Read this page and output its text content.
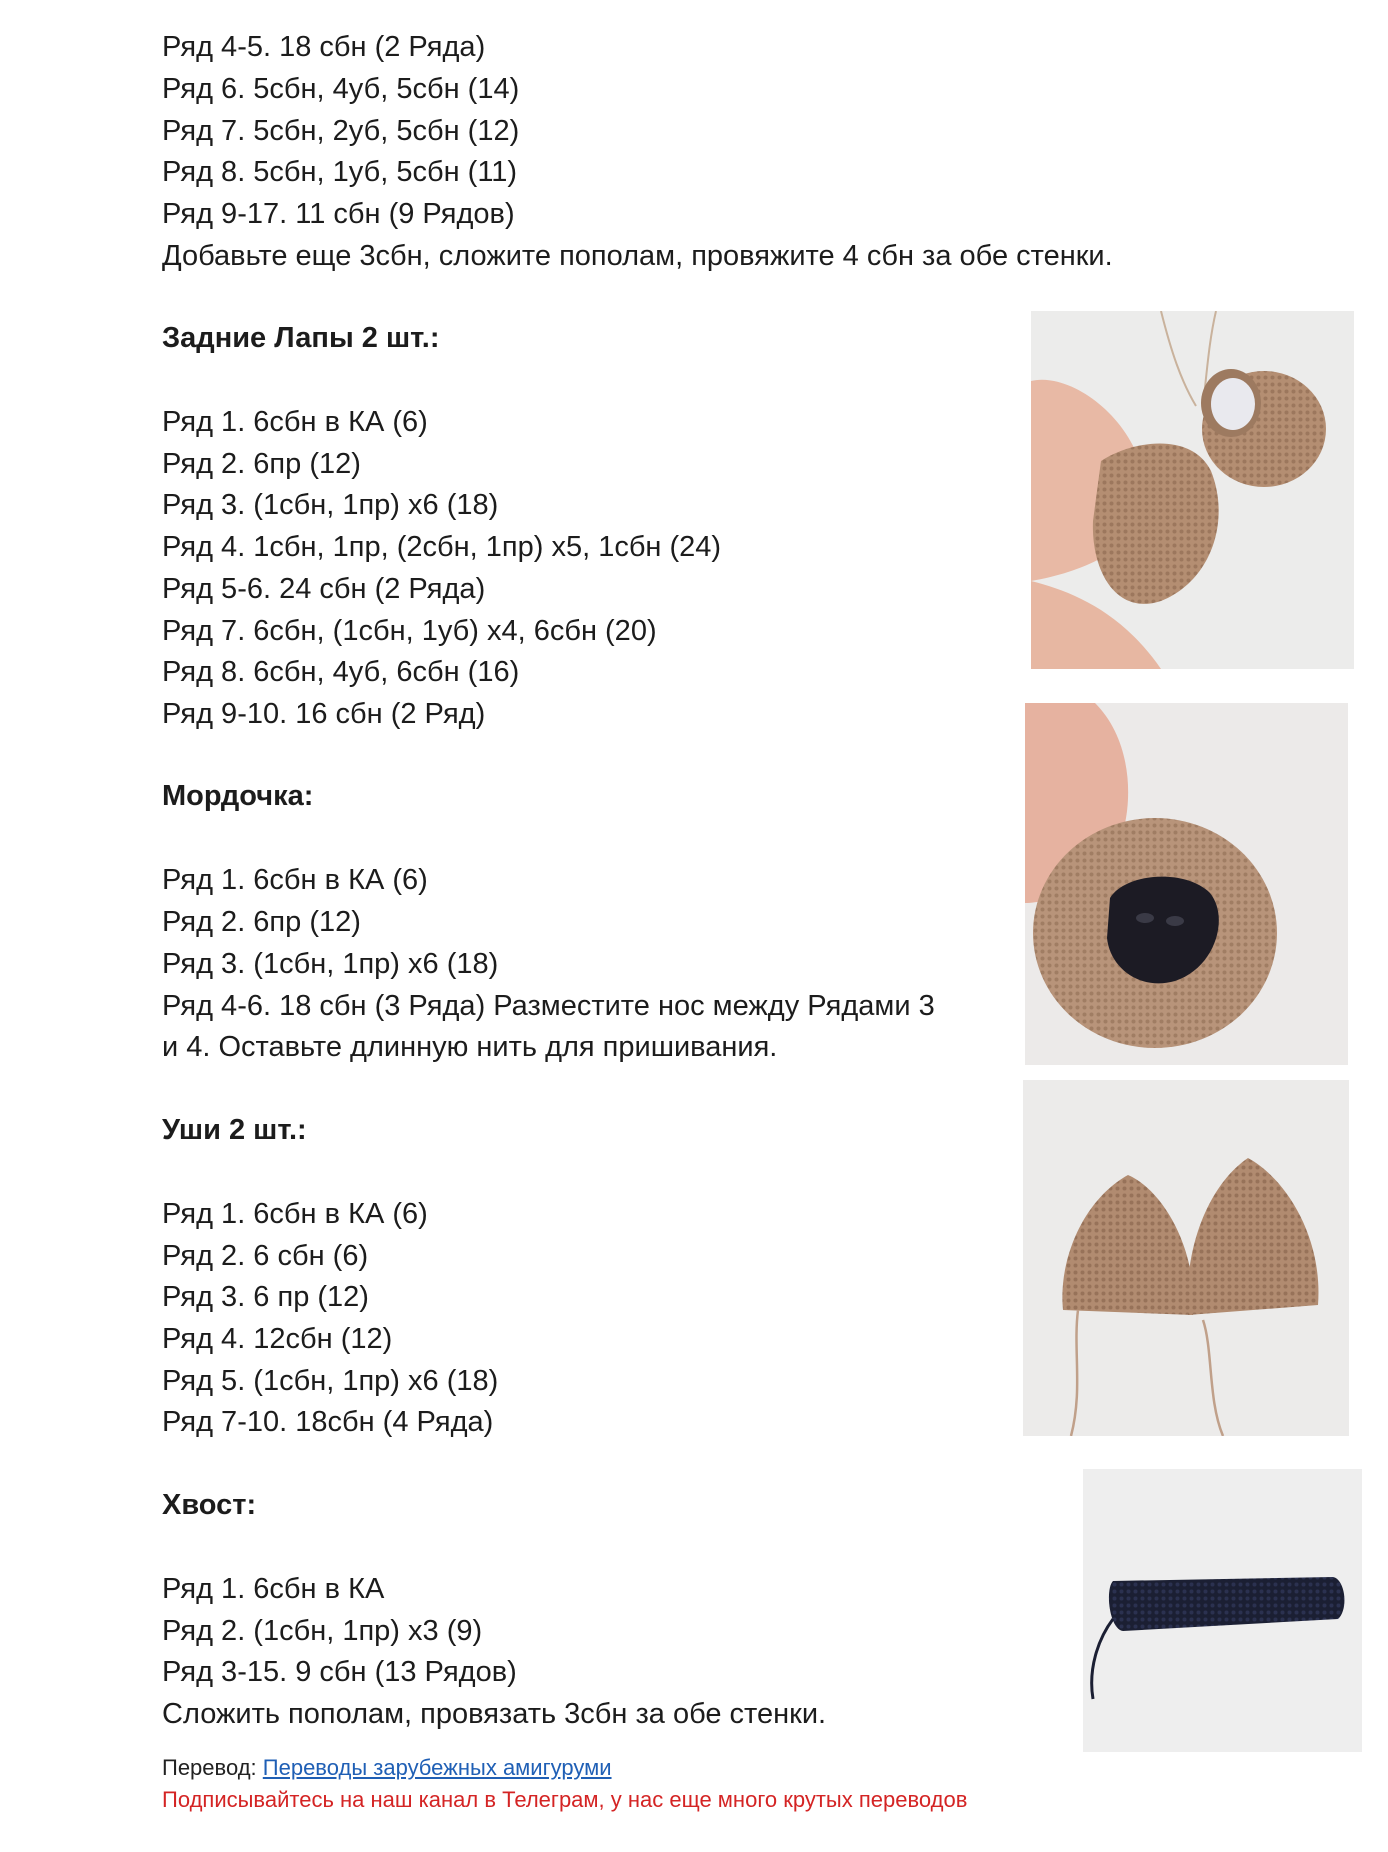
Ряд 4-5. 18 сбн (2 Ряда)

Ряд 6. 5сбн, 4уб, 5сбн (14)

Ряд 7. 5сбн, 2уб, 5сбн (12)

Ряд 8. 5сбн, 1уб, 5сбн (11)

Ряд 9-17. 11 сбн (9 Рядов)

Добавьте еще 3сбн, сложите пополам, провяжите 4 сбн за обе стенки.

Задние Лапы 2 шт.:

Ряд 1. 6сбн в КА (6)

Ряд 2. 6пр (12)

Ряд 3. (1сбн, 1пр) х6 (18)

Ряд 4. 1сбн, 1пр, (2сбн, 1пр) х5, 1сбн (24)

Ряд 5-6. 24 сбн (2 Ряда)

Ряд 7. 6сбн, (1сбн, 1уб) х4, 6сбн (20)

Ряд 8. 6сбн, 4уб, 6сбн (16)

Ряд 9-10. 16 сбн (2 Ряд)

Мордочка:

Ряд 1. 6сбн в КА (6)

Ряд 2. 6пр (12)

Ряд 3. (1сбн, 1пр) х6 (18)

Ряд 4-6. 18 сбн (3 Ряда) Разместите нос между Рядами 3

и 4. Оставьте длинную нить для пришивания.

Уши 2 шт.:

Ряд 1. 6сбн в КА (6)

Ряд 2. 6 сбн (6)

Ряд 3. 6 пр (12)

Ряд 4. 12сбн (12)

Ряд 5. (1сбн, 1пр) х6 (18)

Ряд 7-10. 18сбн (4 Ряда)

Хвост:

Ряд 1. 6сбн в КА

Ряд 2. (1сбн, 1пр) х3 (9)

Ряд 3-15. 9 сбн (13 Рядов)

Сложить пополам, провязать 3сбн за обе стенки.

Перевод: Переводы зарубежных амигуруми
Подписывайтесь на наш канал в Телеграм, у нас еще много крутых переводов
